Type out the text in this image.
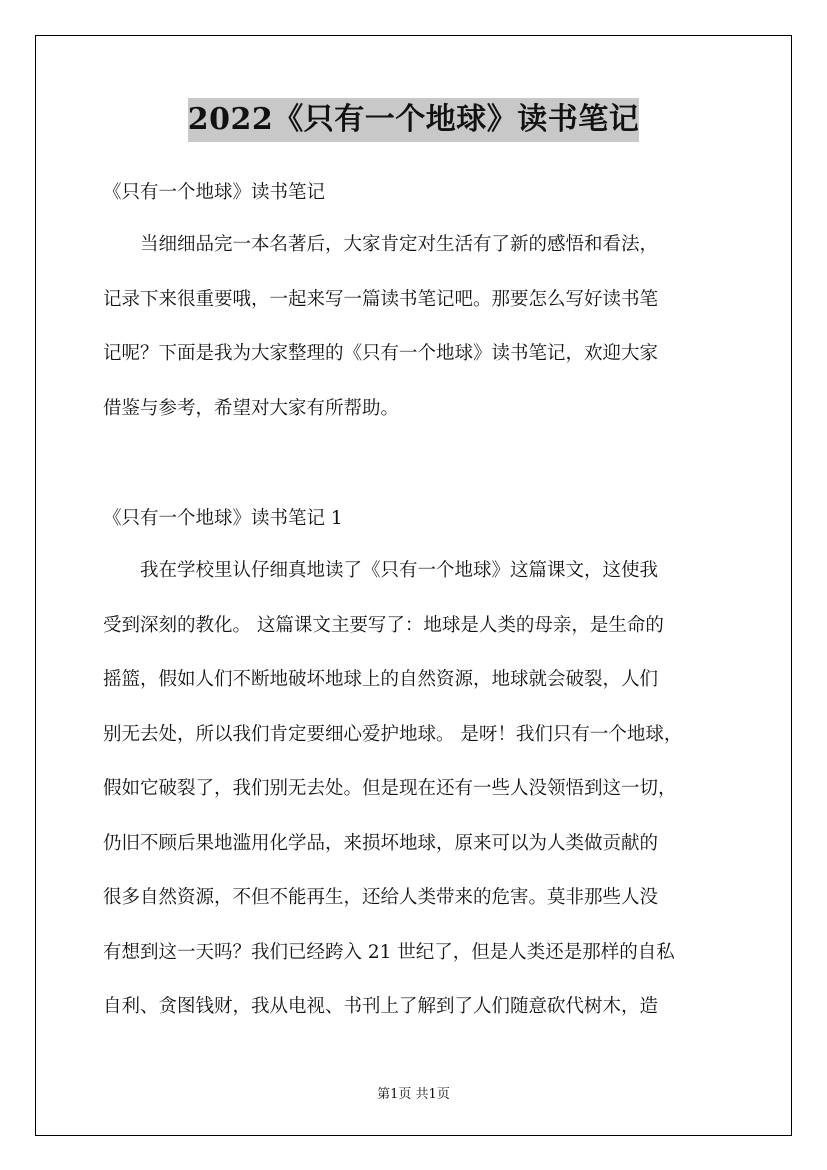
2022《只有一个地球》读书笔记
《只有一个地球》读书笔记

当细细品完一本名著后，大家肯定对生活有了新的感悟和看法，
记录下来很重要哦，一起来写一篇读书笔记吧。那要怎么写好读书笔
记呢？下面是我为大家整理的《只有一个地球》读书笔记，欢迎大家
借鉴与参考，希望对大家有所帮助。

《只有一个地球》读书笔记 1

我在学校里认仔细真地读了《只有一个地球》这篇课文，这使我
受到深刻的教化。 这篇课文主要写了：地球是人类的母亲，是生命的
摇篮，假如人们不断地破坏地球上的自然资源，地球就会破裂，人们
别无去处，所以我们肯定要细心爱护地球。 是呀！我们只有一个地球，
假如它破裂了，我们别无去处。但是现在还有一些人没领悟到这一切，
仍旧不顾后果地滥用化学品，来损坏地球，原来可以为人类做贡献的
很多自然资源，不但不能再生，还给人类带来的危害。莫非那些人没
有想到这一天吗？我们已经跨入 21 世纪了，但是人类还是那样的自私
自利、贪图钱财，我从电视、书刊上了解到了人们随意砍代树木，造

第1页 共1页
